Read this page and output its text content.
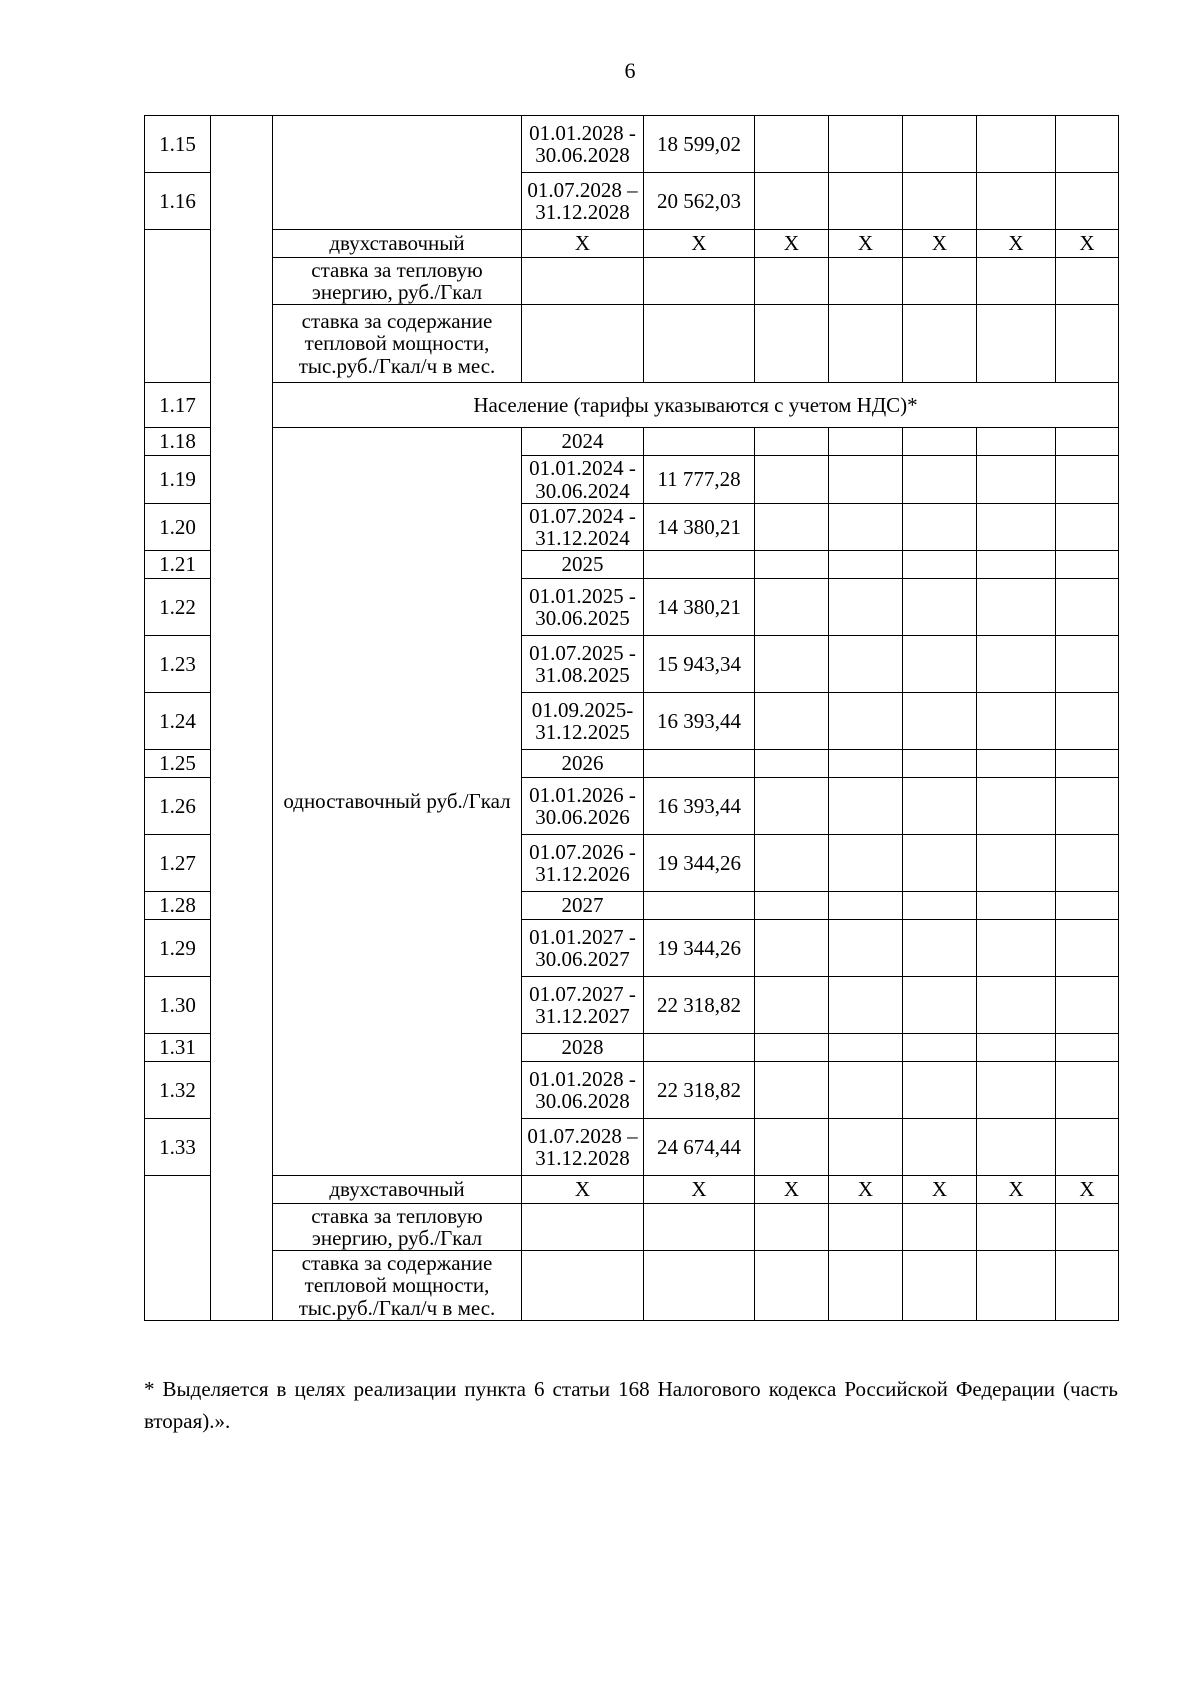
6
1.15			01.01.2028 -
30.06.2028	18 599,02					
1.16			01.07.2028 –
31.12.2028	20 562,03					
		двухставочный	X	X	X	X	X	X	X
		ставка за тепловую энергию, руб./Гкал							
		ставка за содержание тепловой мощности, тыс.руб./Гкал/ч в мес.							
1.17		Население (тарифы указываются с учетом НДС)*							
1.18		одноставочный руб./Гкал	2024						
1.19			01.01.2024 -
30.06.2024	11 777,28					
1.20			01.07.2024 -
31.12.2024	14 380,21					
1.21			2025						
1.22			01.01.2025 -
30.06.2025	14 380,21					
1.23			01.07.2025 -
31.08.2025	15 943,34					
1.24			01.09.2025-
31.12.2025	16 393,44					
1.25			2026						
1.26			01.01.2026 -
30.06.2026	16 393,44					
1.27			01.07.2026 -
31.12.2026	19 344,26					
1.28			2027						
1.29			01.01.2027 -
30.06.2027	19 344,26					
1.30			01.07.2027 -
31.12.2027	22 318,82					
1.31			2028						
1.32			01.01.2028 -
30.06.2028	22 318,82					
1.33			01.07.2028 –
31.12.2028	24 674,44					
		двухставочный	X	X	X	X	X	X	X
		ставка за тепловую энергию, руб./Гкал							
		ставка за содержание тепловой мощности, тыс.руб./Гкал/ч в мес.							
* Выделяется в целях реализации пункта 6 статьи 168 Налогового кодекса Российской Федерации (часть вторая).».
